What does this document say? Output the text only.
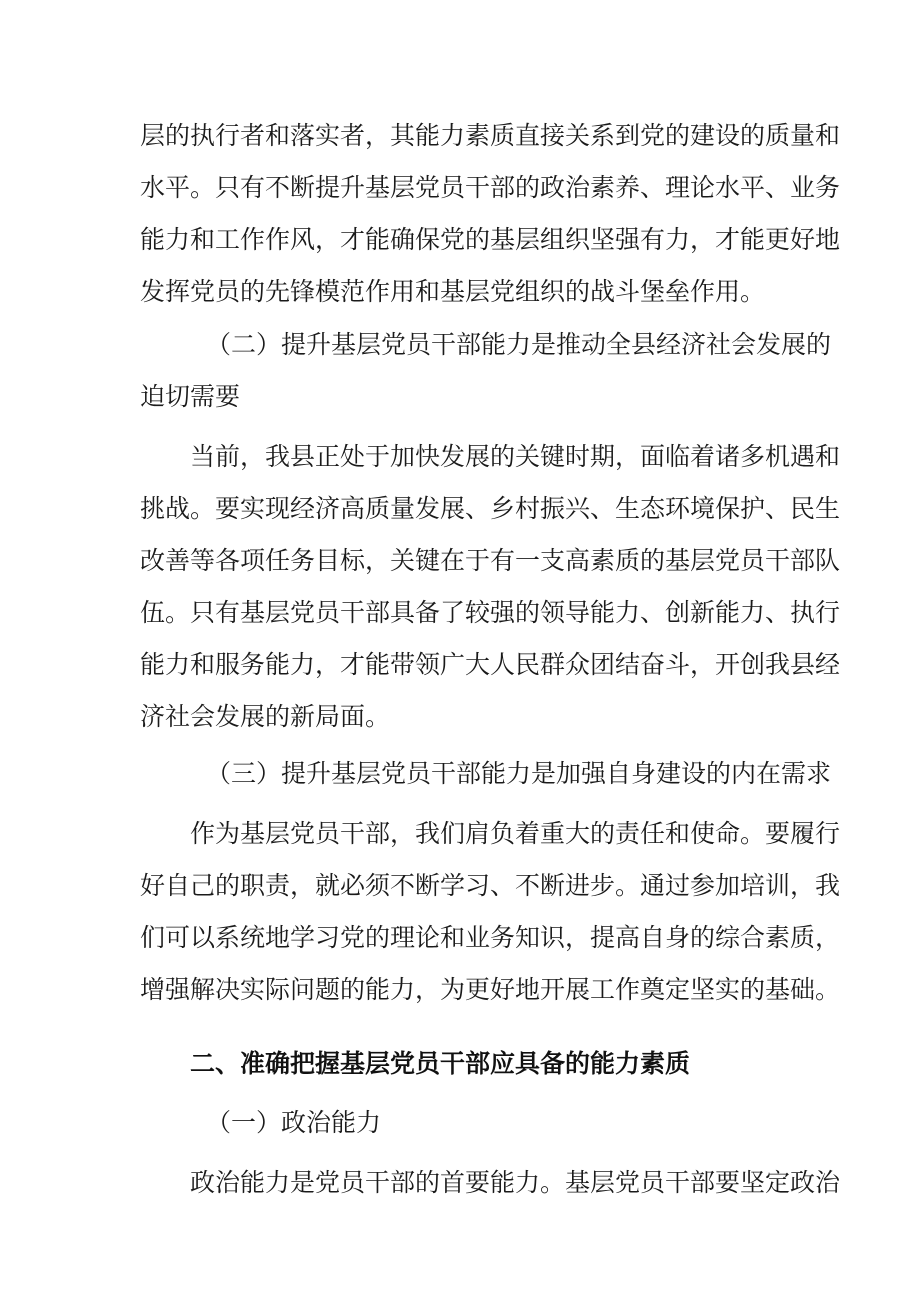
层的执行者和落实者，其能力素质直接关系到党的建设的质量和
水平。只有不断提升基层党员干部的政治素养、理论水平、业务
能力和工作作风，才能确保党的基层组织坚强有力，才能更好地
发挥党员的先锋模范作用和基层党组织的战斗堡垒作用。
（二）提升基层党员干部能力是推动全县经济社会发展的
迫切需要
当前，我县正处于加快发展的关键时期，面临着诸多机遇和
挑战。要实现经济高质量发展、乡村振兴、生态环境保护、民生
改善等各项任务目标，关键在于有一支高素质的基层党员干部队
伍。只有基层党员干部具备了较强的领导能力、创新能力、执行
能力和服务能力，才能带领广大人民群众团结奋斗，开创我县经
济社会发展的新局面。
（三）提升基层党员干部能力是加强自身建设的内在需求
作为基层党员干部，我们肩负着重大的责任和使命。要履行
好自己的职责，就必须不断学习、不断进步。通过参加培训，我
们可以系统地学习党的理论和业务知识，提高自身的综合素质，
增强解决实际问题的能力，为更好地开展工作奠定坚实的基础。
二、准确把握基层党员干部应具备的能力素质
（一）政治能力
政治能力是党员干部的首要能力。基层党员干部要坚定政治
